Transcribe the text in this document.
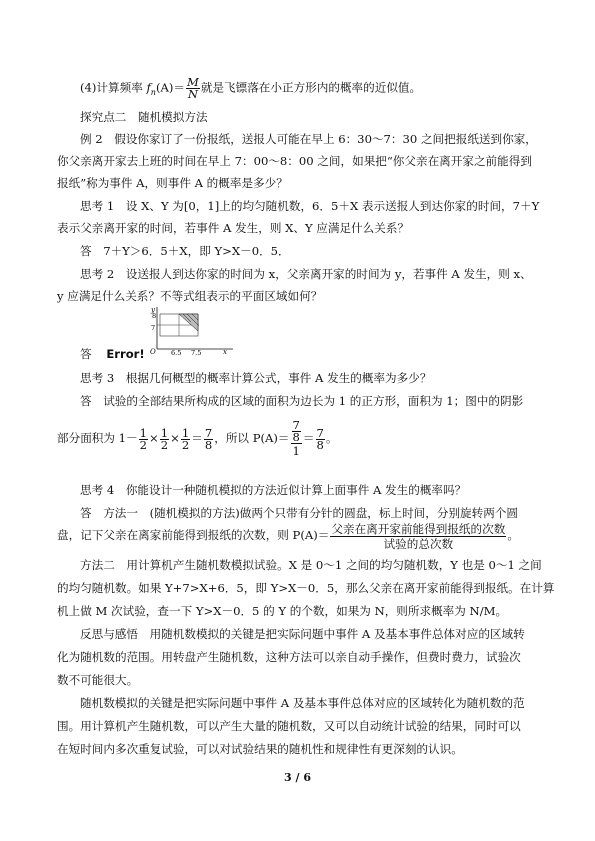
(4)计算频率 $f_n(A)= \frac{M}{N}$ 就是飞镖落在小正方形内的概率的近似值。
探究点二　随机模拟方法
例 2　假设你家订了一份报纸，送报人可能在早上 6：30～7：30 之间把报纸送到你家，
你父亲离开家去上班的时间在早上 7：00～8：00 之间，如果把“你父亲在离开家之前能得到
报纸”称为事件 A，则事件 A 的概率是多少？
思考 1　设 X、Y 为[0，1]上的均匀随机数，6．5＋X 表示送报人到达你家的时间，7＋Y
表示父亲离开家的时间，若事件 A 发生，则 X、Y 应满足什么关系？
答　7＋Y＞6．5＋X，即 Y>X－0．5．
思考 2　设送报人到达你家的时间为 x，父亲离开家的时间为 y，若事件 A 发生，则 x、
y 应满足什么关系？不等式组表示的平面区域如何？
y
8
7
O 6.5 7.5	x
答 Error!
思考 3　根据几何概型的概率计算公式，事件 A 发生的概率为多少？
答　试验的全部结果所构成的区域的面积为边长为 1 的正方形，面积为 1；图中的阴影
部分面积为 $1- \frac{1}{2} \times \frac{1}{2} \times \frac{1}{2} = \frac{7}{8}$ ，所以 $P(A)= \frac{\frac{7}{8}}{1} = \frac{7}{8}$ 。
思考 4　你能设计一种随机模拟的方法近似计算上面事件 A 发生的概率吗？
答　方法一　(随机模拟的方法)做两个只带有分针的圆盘，标上时间，分别旋转两个圆
盘，记下父亲在离家前能得到报纸的次数，则 $P(A)= \frac{\text{父亲在离开家前能得到报纸的次数}}{\text{试验的总次数}}$ 。
方法二　用计算机产生随机数模拟试验。X 是 0～1 之间的均匀随机数，Y 也是 0～1 之间
的均匀随机数。如果 Y+7>X+6．5，即 Y>X－0．5，那么父亲在离开家前能得到报纸。在计算
机上做 M 次试验，查一下 Y>X－0．5 的 Y 的个数，如果为 N，则所求概率为 N/M。
反思与感悟　用随机数模拟的关键是把实际问题中事件 A 及基本事件总体对应的区域转
化为随机数的范围。用转盘产生随机数，这种方法可以亲自动手操作，但费时费力，试验次
数不可能很大。
随机数模拟的关键是把实际问题中事件 A 及基本事件总体对应的区域转化为随机数的范
围。用计算机产生随机数，可以产生大量的随机数，又可以自动统计试验的结果，同时可以
在短时间内多次重复试验，可以对试验结果的随机性和规律性有更深刻的认识。
3 / 6
